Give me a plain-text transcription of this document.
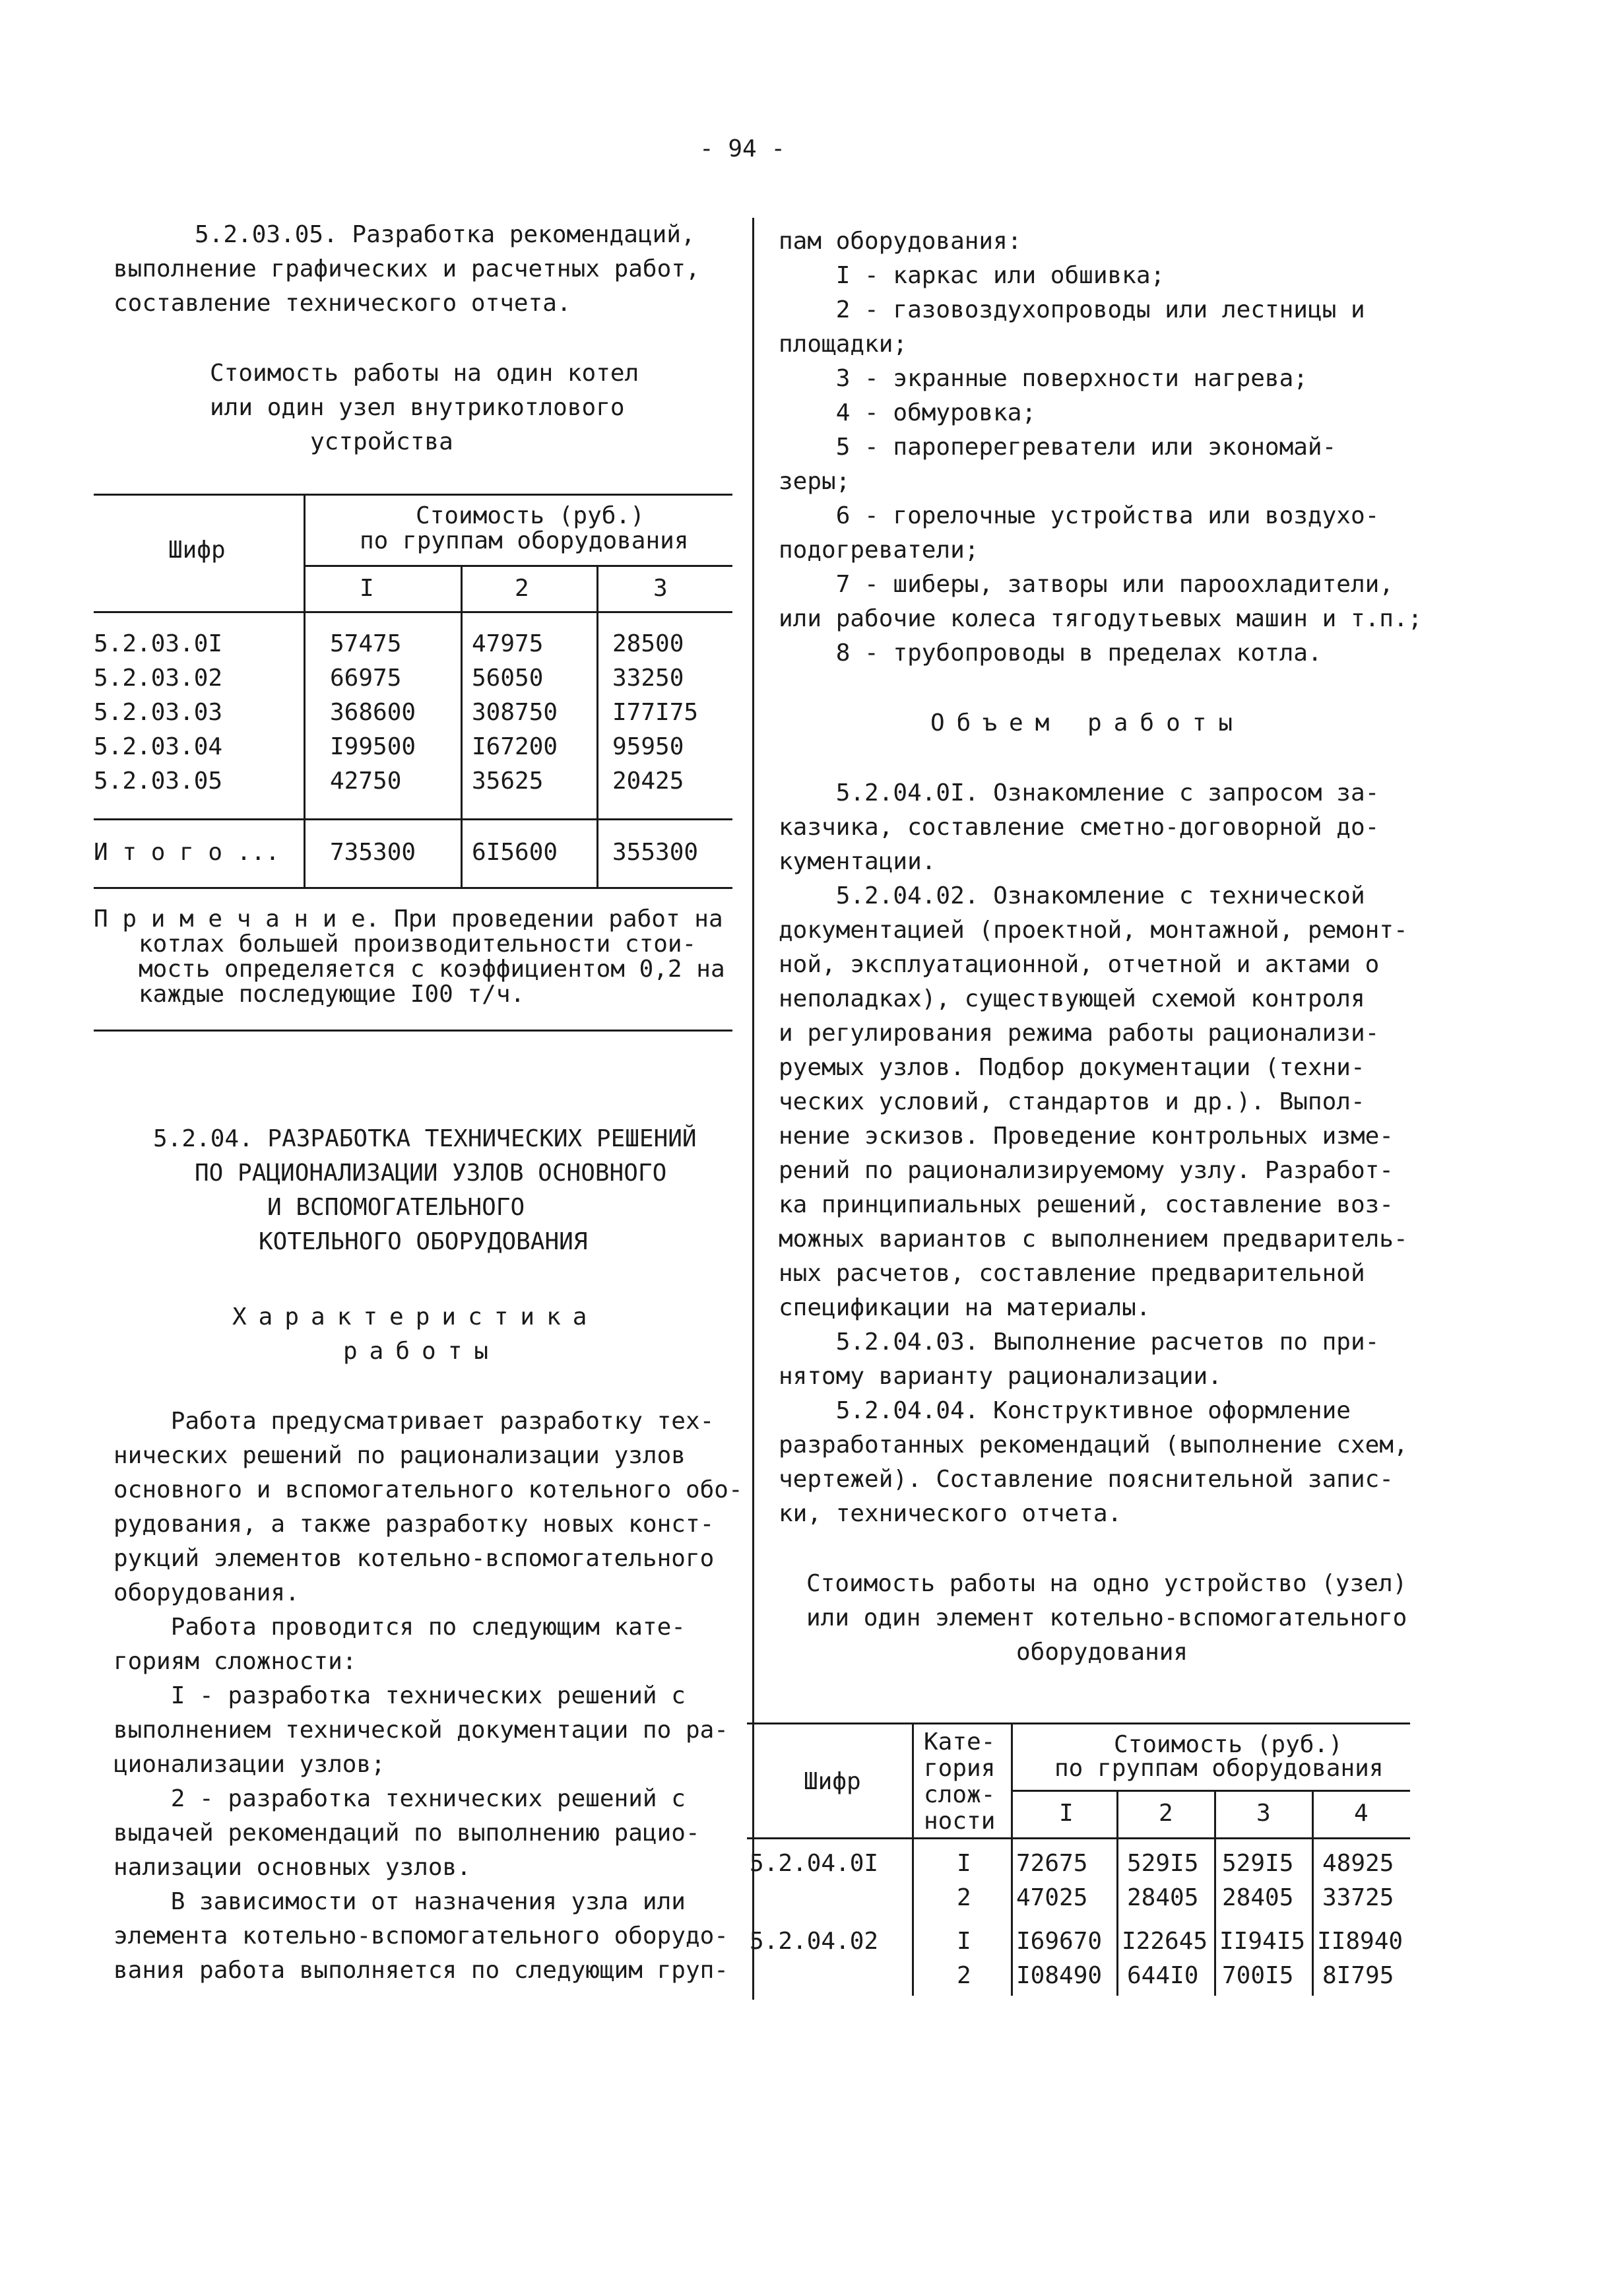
- 94 -
5.2.03.05. Разработка рекомендаций,
выполнение графических и расчетных работ,
составление технического отчета.
Стоимость работы на один котел
или один узел внутрикотлового
устройства
Шифр
Стоимость (руб.)
по группам оборудования
I	2	3
5.2.03.0I	57475	47975	28500
5.2.03.02	66975	56050	33250
5.2.03.03	368600 308750 I77I75
5.2.03.04	I99500 I67200 95950
5.2.03.05	42750	35625	20425
И т о г о ... 735300 6I5600 355300
П р и м е ч а н и е. При проведении работ на
котлах большей производительности стои-
мость определяется с коэффициентом 0,2 на
каждые последующие I00 т/ч.
5.2.04. РАЗРАБОТКА ТЕХНИЧЕСКИХ РЕШЕНИЙ
ПО РАЦИОНАЛИЗАЦИИ УЗЛОВ ОСНОВНОГО
И ВСПОМОГАТЕЛЬНОГО
КОТЕЛЬНОГО ОБОРУДОВАНИЯ
Характеристика
работы
Работа предусматривает разработку тех-
нических решений по рационализации узлов
основного и вспомогательного котельного обо-
рудования, а также разработку новых конст-
рукций элементов котельно-вспомогательного
оборудования.
Работа проводится по следующим кате-
гориям сложности:
I - разработка технических решений с
выполнением технической документации по ра-
ционализации узлов;
2 - разработка технических решений с
выдачей рекомендаций по выполнению рацио-
нализации основных узлов.
В зависимости от назначения узла или
элемента котельно-вспомогательного оборудо-
вания работа выполняется по следующим груп-
пам оборудования:
I - каркас или обшивка;
2 - газовоздухопроводы или лестницы и
площадки;
3 - экранные поверхности нагрева;
4 - обмуровка;
5 - пароперегреватели или экономай-
зеры;
6 - горелочные устройства или воздухо-
подогреватели;
7 - шиберы, затворы или пароохладители,
или рабочие колеса тягодутьевых машин и т.п.;
8 - трубопроводы в пределах котла.
Объем работы
5.2.04.0I. Ознакомление с запросом за-
казчика, составление сметно-договорной до-
кументации.
5.2.04.02. Ознакомление с технической
документацией (проектной, монтажной, ремонт-
ной, эксплуатационной, отчетной и актами о
неполадках), существующей схемой контроля
и регулирования режима работы рационализи-
руемых узлов. Подбор документации (техни-
ческих условий, стандартов и др.). Выпол-
нение эскизов. Проведение контрольных изме-
рений по рационализируемому узлу. Разработ-
ка принципиальных решений, составление воз-
можных вариантов с выполнением предваритель-
ных расчетов, составление предварительной
спецификации на материалы.
5.2.04.03. Выполнение расчетов по при-
нятому варианту рационализации.
5.2.04.04. Конструктивное оформление
разработанных рекомендаций (выполнение схем,
чертежей). Составление пояснительной запис-
ки, технического отчета.
Стоимость работы на одно устройство (узел)
или один элемент котельно-вспомогательного
оборудования
Шифр
Кате-
гория
слож-
ности
Стоимость (руб.)
по группам оборудования
I	2	3	4
5.2.04.0I	I 72675 529I5 529I5 48925
2 47025 28405 28405 33725
5.2.04.02	I I69670 I22645 II94I5 II8940
2 I08490 644I0 700I5 8I795
